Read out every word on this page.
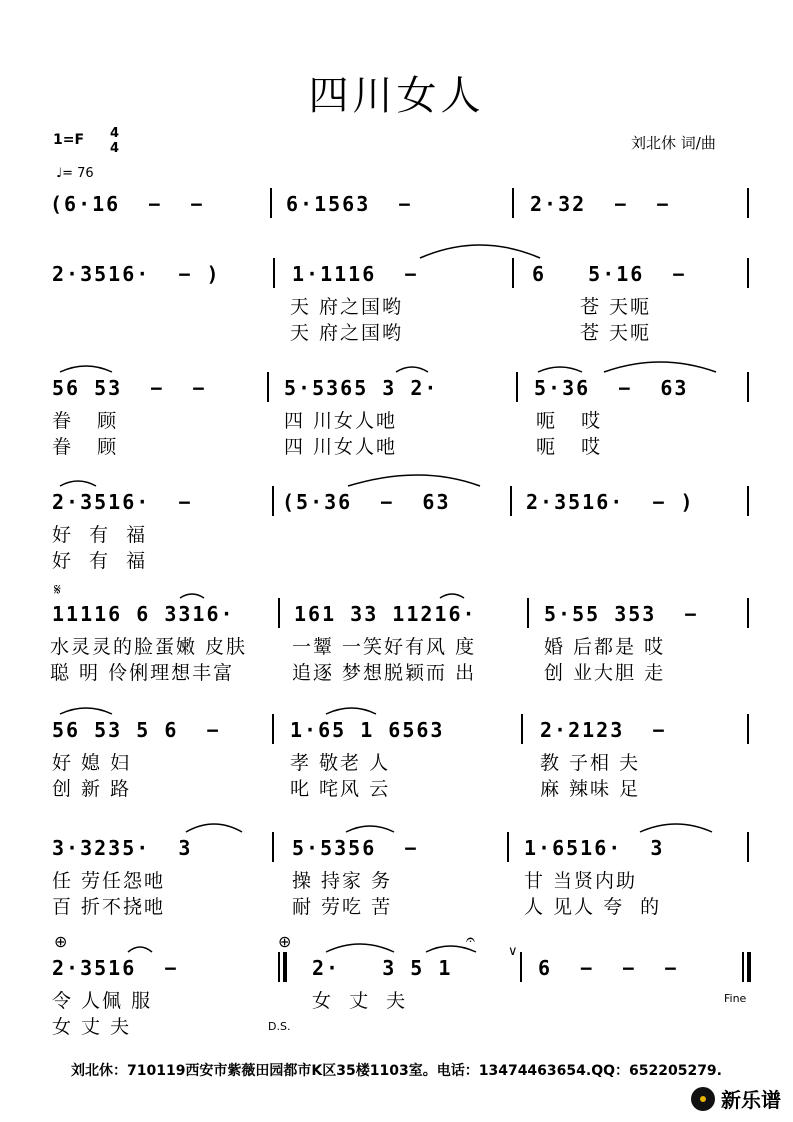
四川女人
1=F 4
4	刘北休 词/曲
♩= 76
(6·16  −  −	6·1563  −	2·32  −  −
2·3516·  − )	1·1116  −	6   5·16  −
天 府之国哟	苍 天呃
天 府之国哟	苍 天呃
56 53  −  −	5·5365 3 2·	5·36  −  63
眷   顾	四 川女人吔	呃   哎
眷   顾	四 川女人吔	呃   哎
2·3516·  −	(5·36  −  63	2·3516·  − )
好  有  福
好  有  福
𝄋
11116 6 3316·	161 33 11216·	5·55 353  −
水灵灵的脸蛋嫩 皮肤 一颦 一笑好有风 度	婚 后都是 哎
聪 明 伶俐理想丰富	追逐 梦想脱颖而 出	创 业大胆 走
56 53 5 6  −	1·65 1 6563	2·2123  −
好 媳 妇	孝 敬老 人	教 子相 夫
创 新 路	叱 咤风 云	麻 辣味 足
3·3235·  3	5·5356  −	1·6516·  3
任 劳任怨吔	操 持家 务	甘 当贤内助
百 折不挠吔	耐 劳吃 苦	人 见人 夸  的
⊕	⊕	𝄐
∨
2·3516  −	2·   3 5 1	6  −  −  −
令 人佩 服	女  丈  夫
女 丈 夫
Fine
D.S.
刘北休：710119西安市紫薇田园都市K区35楼1103室。电话：13474463654.QQ：652205279.
新乐谱
